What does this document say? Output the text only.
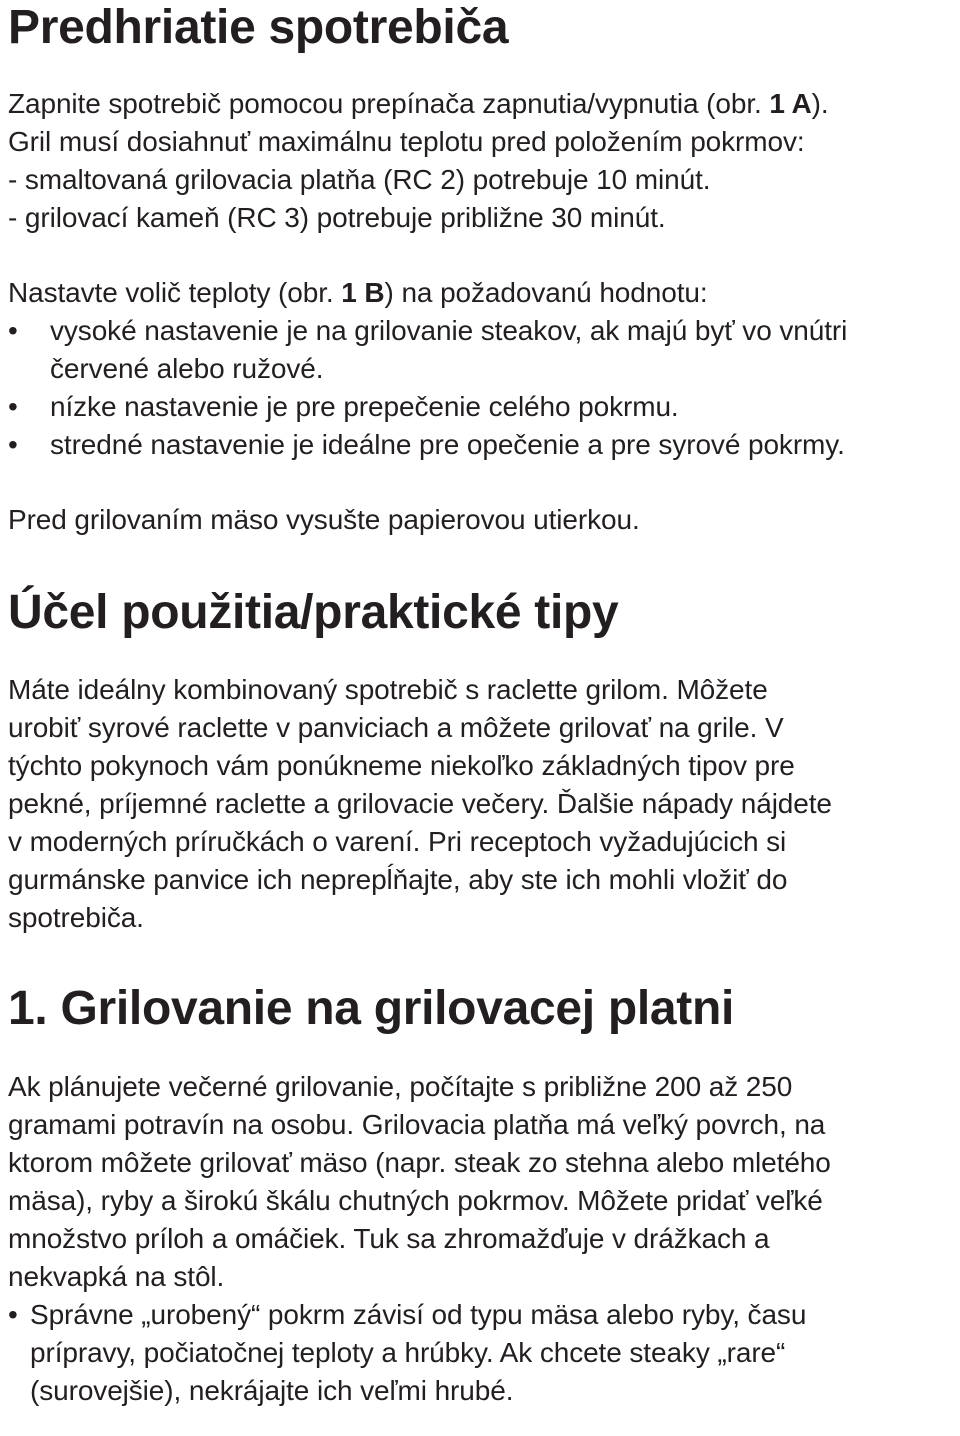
Predhriatie spotrebiča
Zapnite spotrebič pomocou prepínača zapnutia/vypnutia (obr. 1 A).
Gril musí dosiahnuť maximálnu teplotu pred položením pokrmov:
- smaltovaná grilovacia platňa (RC 2) potrebuje 10 minút.
- grilovací kameň (RC 3) potrebuje približne 30 minút.
Nastavte volič teploty (obr. 1 B) na požadovanú hodnotu:
• vysoké nastavenie je na grilovanie steakov, ak majú byť vo vnútri
červené alebo ružové.
• nízke nastavenie je pre prepečenie celého pokrmu.
• stredné nastavenie je ideálne pre opečenie a pre syrové pokrmy.
Pred grilovaním mäso vysušte papierovou utierkou.
Účel použitia/praktické tipy
Máte ideálny kombinovaný spotrebič s raclette grilom. Môžete
urobiť syrové raclette v panviciach a môžete grilovať na grile. V
týchto pokynoch vám ponúkneme niekoľko základných tipov pre
pekné, príjemné raclette a grilovacie večery. Ďalšie nápady nájdete
v moderných príručkách o varení. Pri receptoch vyžadujúcich si
gurmánske panvice ich neprepĺňajte, aby ste ich mohli vložiť do
spotrebiča.
1. Grilovanie na grilovacej platni
Ak plánujete večerné grilovanie, počítajte s približne 200 až 250
gramami potravín na osobu. Grilovacia platňa má veľký povrch, na
ktorom môžete grilovať mäso (napr. steak zo stehna alebo mletého
mäsa), ryby a širokú škálu chutných pokrmov. Môžete pridať veľké
množstvo príloh a omáčiek. Tuk sa zhromažďuje v drážkach a
nekvapká na stôl.
• Správne „urobený“ pokrm závisí od typu mäsa alebo ryby, času
prípravy, počiatočnej teploty a hrúbky. Ak chcete steaky „rare“
(surovejšie), nekrájajte ich veľmi hrubé.
